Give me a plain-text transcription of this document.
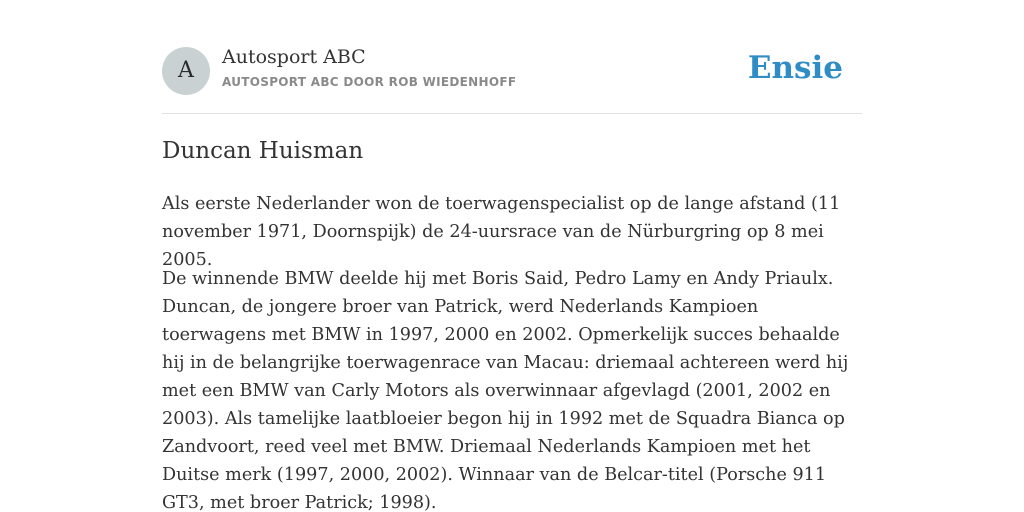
A
Autosport ABC
AUTOSPORT ABC DOOR ROB WIEDENHOFF	Ensie
Duncan Huisman

Als eerste Nederlander won de toerwagenspecialist op de lange afstand (11 november 1971, Doornspijk) de 24-uursrace van de Nürburgring op 8 mei 2005.

De winnende BMW deelde hij met Boris Said, Pedro Lamy en Andy Priaulx. Duncan, de jongere broer van Patrick, werd Nederlands Kampioen toerwagens met BMW in 1997, 2000 en 2002. Opmerkelijk succes behaalde hij in de belangrijke toerwagenrace van Macau: driemaal achtereen werd hij met een BMW van Carly Motors als overwinnaar afgevlagd (2001, 2002 en 2003). Als tamelijke laatbloeier begon hij in 1992 met de Squadra Bianca op Zandvoort, reed veel met BMW. Driemaal Nederlands Kampioen met het Duitse merk (1997, 2000, 2002). Winnaar van de Belcar-titel (Porsche 911 GT3, met broer Patrick; 1998).
